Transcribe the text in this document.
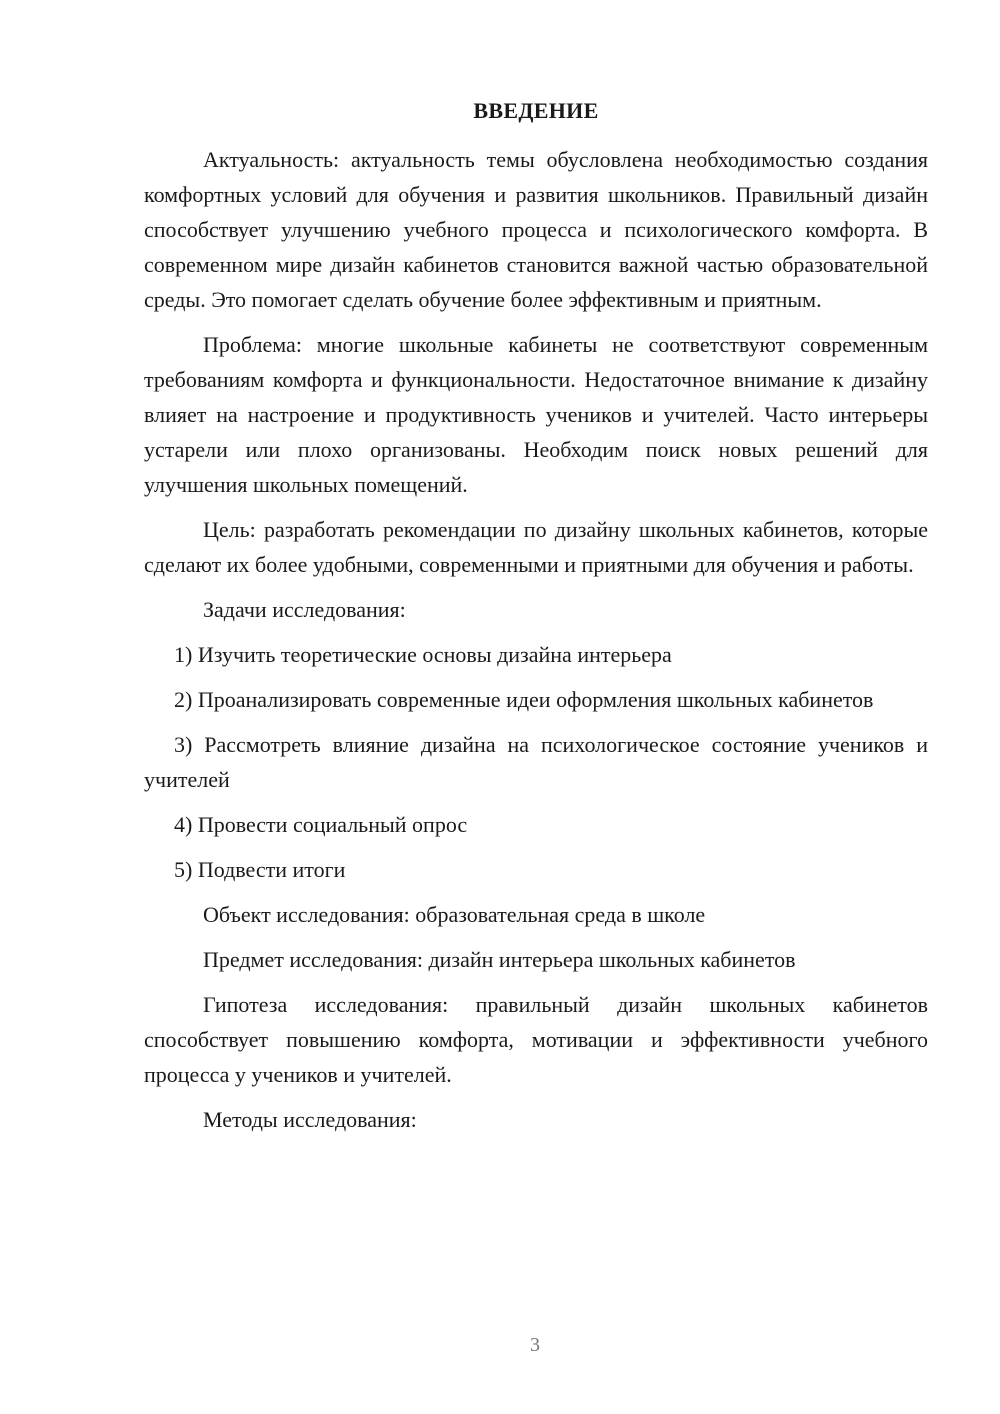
ВВЕДЕНИЕ

Актуальность: актуальность темы обусловлена необходимостью создания комфортных условий для обучения и развития школьников. Правильный дизайн способствует улучшению учебного процесса и психологического комфорта. В современном мире дизайн кабинетов становится важной частью образовательной среды. Это помогает сделать обучение более эффективным и приятным.

Проблема: многие школьные кабинеты не соответствуют современным требованиям комфорта и функциональности. Недостаточное внимание к дизайну влияет на настроение и продуктивность учеников и учителей. Часто интерьеры устарели или плохо организованы. Необходим поиск новых решений для улучшения школьных помещений.

Цель: разработать рекомендации по дизайну школьных кабинетов, которые сделают их более удобными, современными и приятными для обучения и работы.

Задачи исследования:

1) Изучить теоретические основы дизайна интерьера

2) Проанализировать современные идеи оформления школьных кабинетов

3) Рассмотреть влияние дизайна на психологическое состояние учеников и учителей

4) Провести социальный опрос

5) Подвести итоги

Объект исследования: образовательная среда в школе

Предмет исследования: дизайн интерьера школьных кабинетов

Гипотеза исследования: правильный дизайн школьных кабинетов способствует повышению комфорта, мотивации и эффективности учебного процесса у учеников и учителей.

Методы исследования:

3
